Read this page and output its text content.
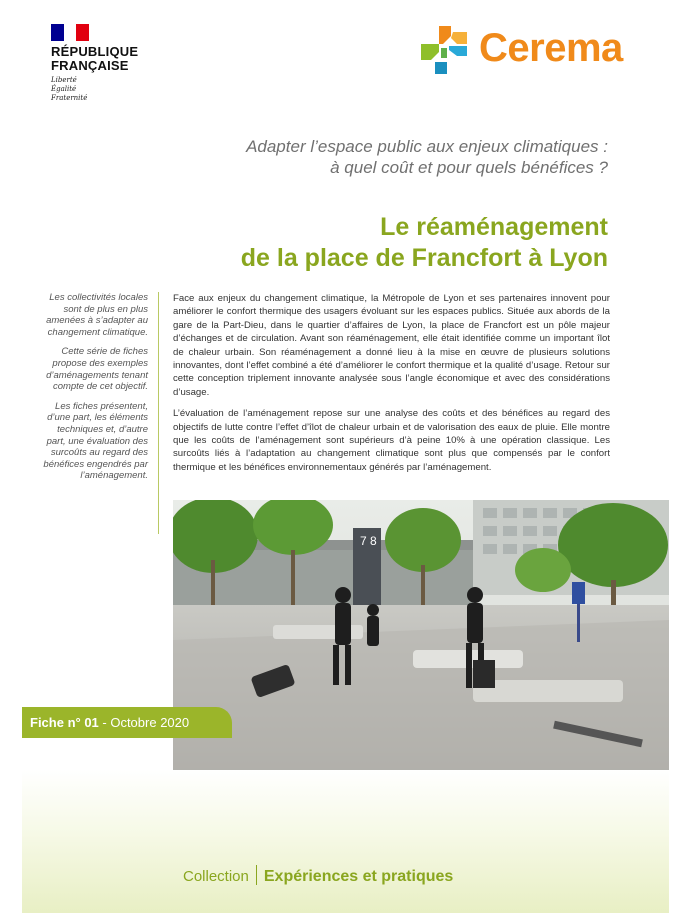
RÉPUBLIQUE
FRANÇAISE
Liberté
Égalité
Fraternité
Cerema
Adapter l’espace public aux enjeux climatiques :
à quel coût et pour quels bénéfices ?
Le réaménagement
de la place de Francfort à Lyon

Les collectivités locales sont de plus en plus amenées à s’adapter au changement climatique.

Cette série de fiches propose des exemples d’aménagements tenant compte de cet objectif.

Les fiches présentent, d’une part, les éléments techniques et, d’autre part, une évaluation des surcoûts au regard des bénéfices engendrés par l’aménagement.

Face aux enjeux du changement climatique, la Métropole de Lyon et ses partenaires innovent pour améliorer le confort thermique des usagers évoluant sur les espaces publics. Située aux abords de la gare de la Part-Dieu, dans le quartier d’affaires de Lyon, la place de Francfort est un pôle majeur d’échanges et de circulation. Avant son réaménagement, elle était identifiée comme un important îlot de chaleur urbain. Son réaménagement a donné lieu à la mise en œuvre de plusieurs solutions innovantes, dont l’effet combiné a été d’améliorer le confort thermique et la qualité d’usage. Retour sur cette conception triplement innovante analysée sous l’angle économique et avec des considérations d’usage.

L’évaluation de l’aménagement repose sur une analyse des coûts et des bénéfices au regard des objectifs de lutte contre l’effet d’îlot de chaleur urbain et de valorisation des eaux de pluie. Elle montre que les coûts de l’aménagement sont supérieurs d’à peine 10% à une opération classique. Les surcoûts liés à l’adaptation au changement climatique sont plus que compensés par le confort thermique et les bénéfices environnementaux générés par l’aménagement.

7 8
Fiche n° 01 - Octobre 2020
Collection Expériences et pratiques
